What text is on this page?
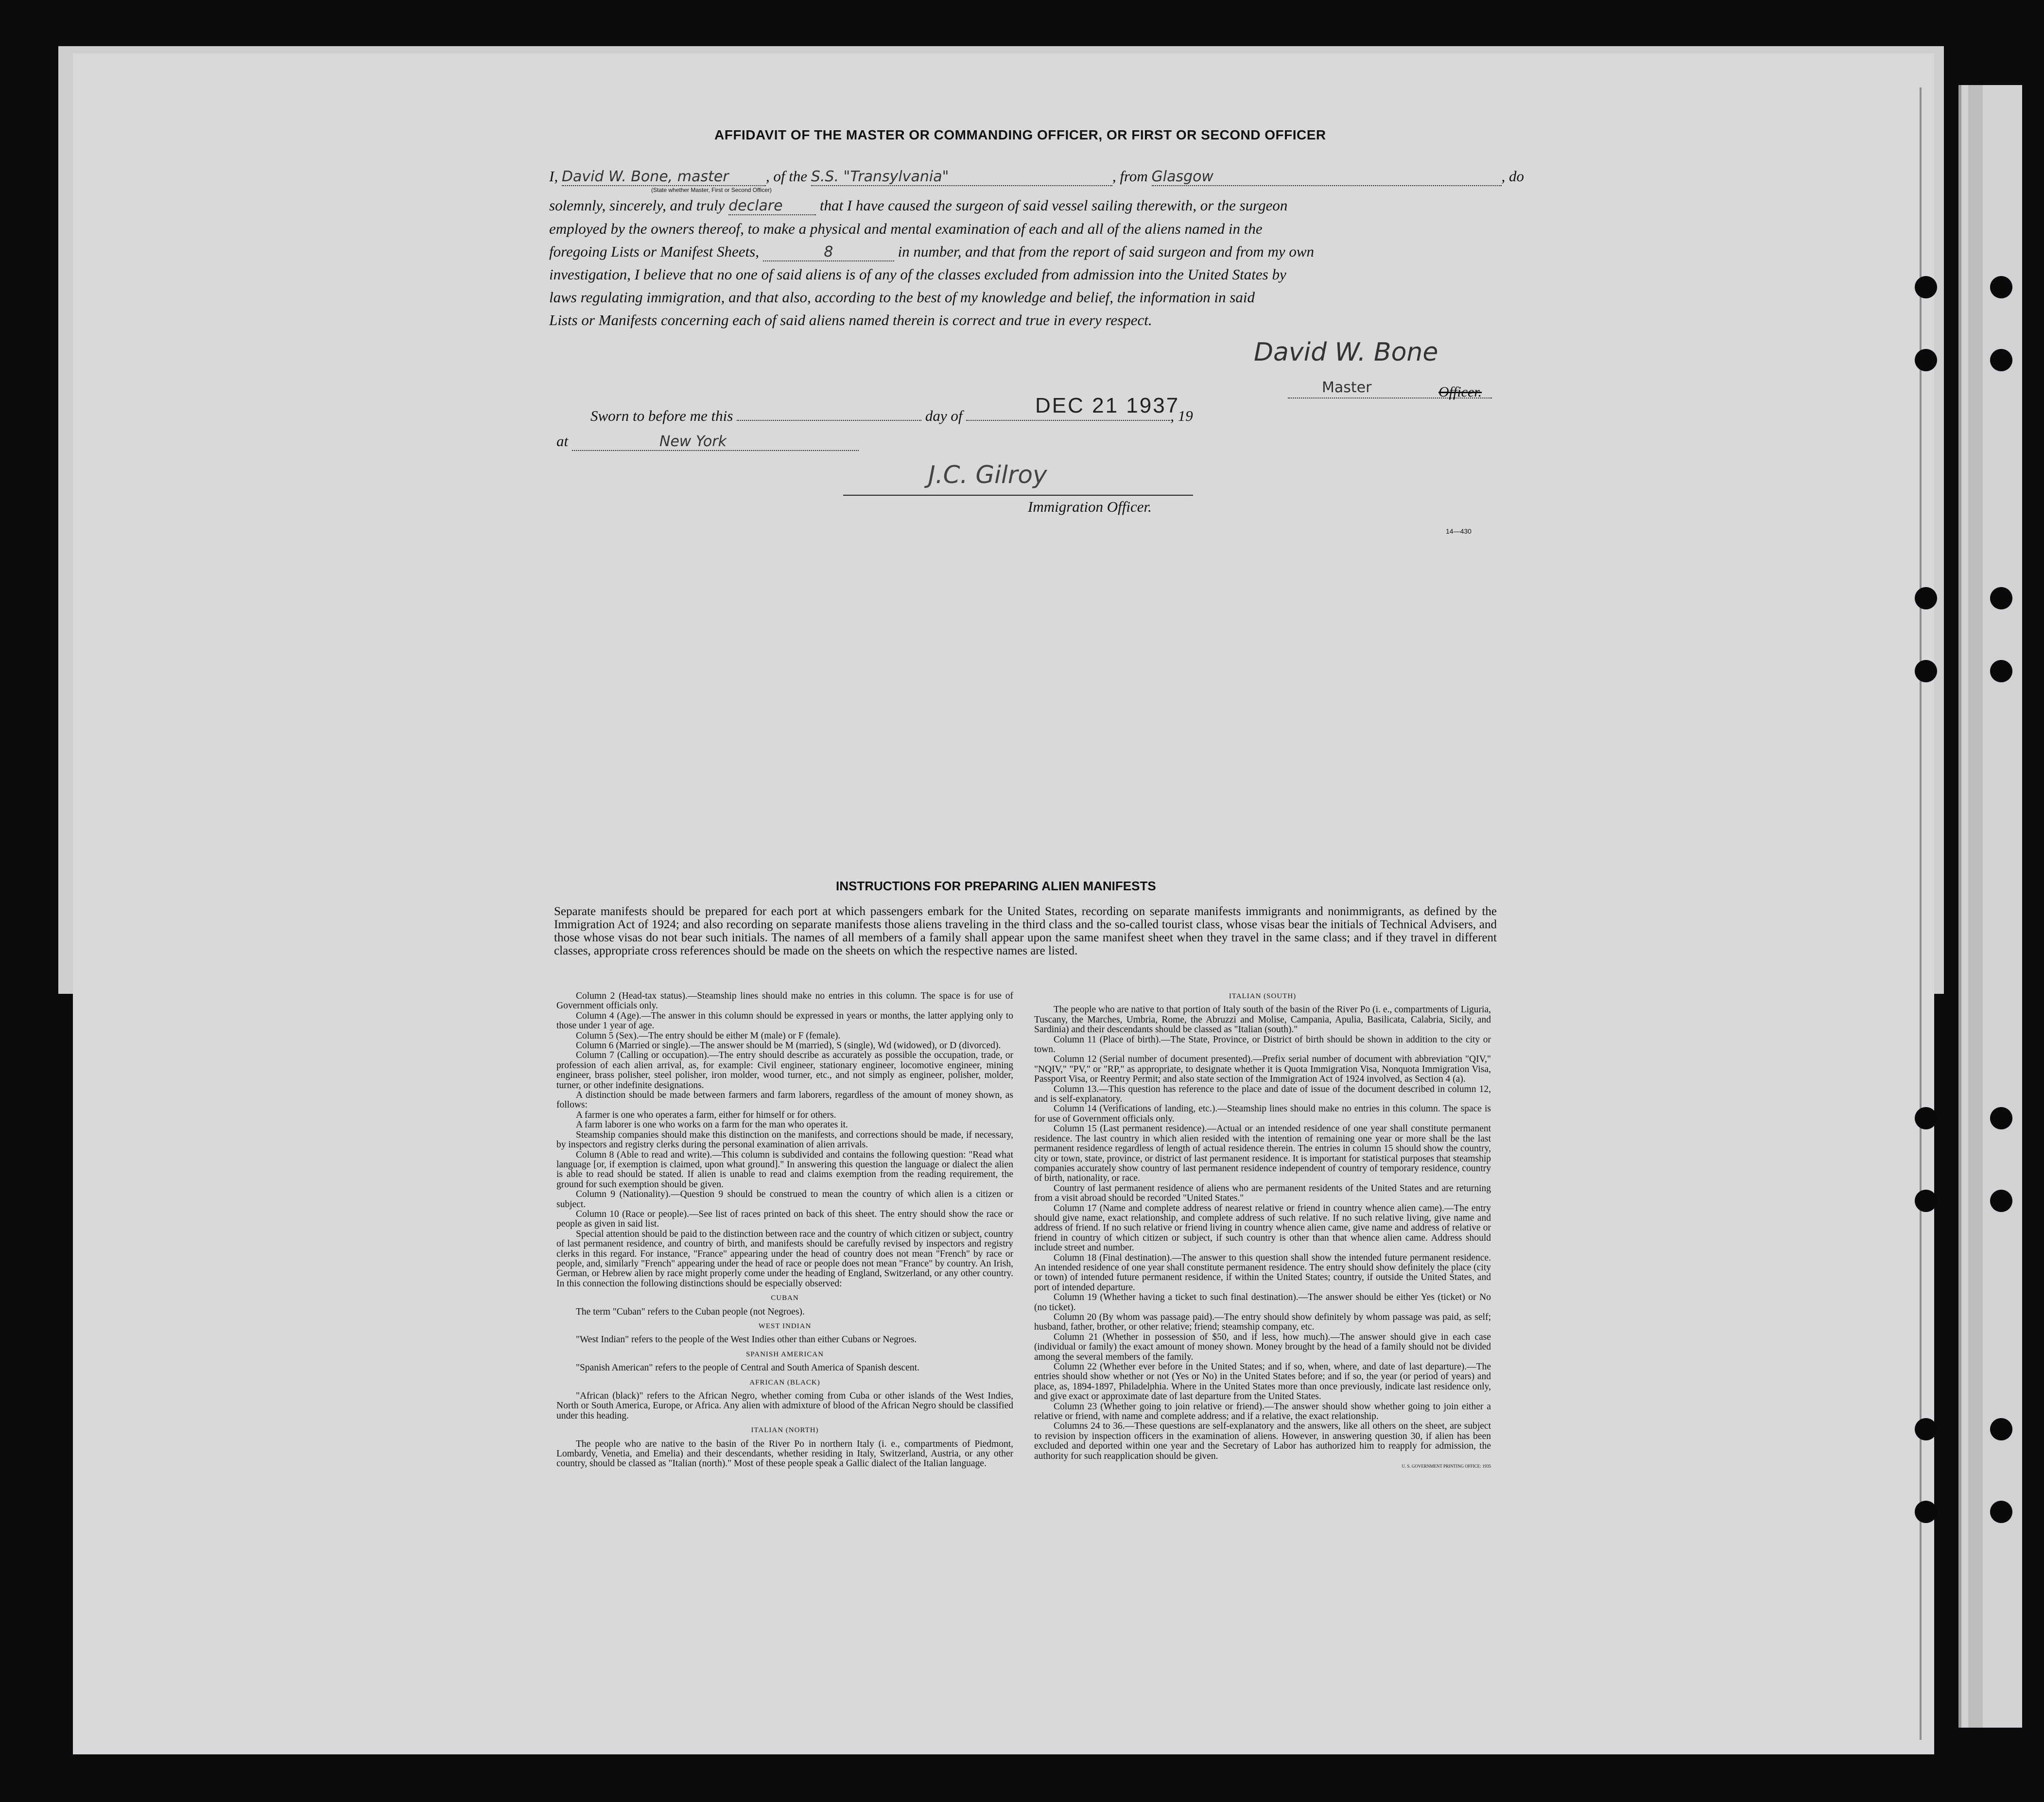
AFFIDAVIT OF THE MASTER OR COMMANDING OFFICER, OR FIRST OR SECOND OFFICER
I, David W. Bone, master , of the S.S. "Transylvania"	, from Glasgow	, do
(State whether Master, First or Second Officer)
solemnly, sincerely, and truly declare that I have caused the surgeon of said vessel sailing therewith, or the surgeon
employed by the owners thereof, to make a physical and mental examination of each and all of the aliens named in the
foregoing Lists or Manifest Sheets,	8	in number, and that from the report of said surgeon and from my own
investigation, I believe that no one of said aliens is of any of the classes excluded from admission into the United States by
laws regulating immigration, and that also, according to the best of my knowledge and belief, the information in said
Lists or Manifests concerning each of said aliens named therein is correct and true in every respect.
David W. Bone
Master	Officer.
Sworn to before me this	day of	, 19
DEC 21 1937
at	New York
J.C. Gilroy
Immigration Officer.
14—430
INSTRUCTIONS FOR PREPARING ALIEN MANIFESTS
Separate manifests should be prepared for each port at which passengers embark for the United States, recording on separate manifests immigrants and nonimmigrants, as defined by the Immigration Act of 1924; and also recording on separate manifests those aliens traveling in the third class and the so-called tourist class, whose visas bear the initials of Technical Advisers, and those whose visas do not bear such initials. The names of all members of a family shall appear upon the same manifest sheet when they travel in the same class; and if they travel in different classes, appropriate cross references should be made on the sheets on which the respective names are listed.

Column 2 (Head-tax status).—Steamship lines should make no entries in this column. The space is for use of Government officials only.

Column 4 (Age).—The answer in this column should be expressed in years or months, the latter applying only to those under 1 year of age.

Column 5 (Sex).—The entry should be either M (male) or F (female).

Column 6 (Married or single).—The answer should be M (married), S (single), Wd (widowed), or D (divorced).

Column 7 (Calling or occupation).—The entry should describe as accurately as possible the occupation, trade, or profession of each alien arrival, as, for example: Civil engineer, stationary engineer, locomotive engineer, mining engineer, brass polisher, steel polisher, iron molder, wood turner, etc., and not simply as engineer, polisher, molder, turner, or other indefinite designations.

A distinction should be made between farmers and farm laborers, regardless of the amount of money shown, as follows:

A farmer is one who operates a farm, either for himself or for others.

A farm laborer is one who works on a farm for the man who operates it.

Steamship companies should make this distinction on the manifests, and corrections should be made, if necessary, by inspectors and registry clerks during the personal examination of alien arrivals.

Column 8 (Able to read and write).—This column is subdivided and contains the following question: "Read what language [or, if exemption is claimed, upon what ground]." In answering this question the language or dialect the alien is able to read should be stated. If alien is unable to read and claims exemption from the reading requirement, the ground for such exemption should be given.

Column 9 (Nationality).—Question 9 should be construed to mean the country of which alien is a citizen or subject.

Column 10 (Race or people).—See list of races printed on back of this sheet. The entry should show the race or people as given in said list.

Special attention should be paid to the distinction between race and the country of which citizen or subject, country of last permanent residence, and country of birth, and manifests should be carefully revised by inspectors and registry clerks in this regard. For instance, "France" appearing under the head of country does not mean "French" by race or people, and, similarly "French" appearing under the head of race or people does not mean "France" by country. An Irish, German, or Hebrew alien by race might properly come under the heading of England, Switzerland, or any other country. In this connection the following distinctions should be especially observed:

CUBAN

The term "Cuban" refers to the Cuban people (not Negroes).

WEST INDIAN

"West Indian" refers to the people of the West Indies other than either Cubans or Negroes.

SPANISH AMERICAN

"Spanish American" refers to the people of Central and South America of Spanish descent.

AFRICAN (BLACK)

"African (black)" refers to the African Negro, whether coming from Cuba or other islands of the West Indies, North or South America, Europe, or Africa. Any alien with admixture of blood of the African Negro should be classified under this heading.

ITALIAN (NORTH)

The people who are native to the basin of the River Po in northern Italy (i. e., compartments of Piedmont, Lombardy, Venetia, and Emelia) and their descendants, whether residing in Italy, Switzerland, Austria, or any other country, should be classed as "Italian (north)." Most of these people speak a Gallic dialect of the Italian language.

ITALIAN (SOUTH)

The people who are native to that portion of Italy south of the basin of the River Po (i. e., compartments of Liguria, Tuscany, the Marches, Umbria, Rome, the Abruzzi and Molise, Campania, Apulia, Basilicata, Calabria, Sicily, and Sardinia) and their descendants should be classed as "Italian (south)."

Column 11 (Place of birth).—The State, Province, or District of birth should be shown in addition to the city or town.

Column 12 (Serial number of document presented).—Prefix serial number of document with abbreviation "QIV," "NQIV," "PV," or "RP," as appropriate, to designate whether it is Quota Immigration Visa, Nonquota Immigration Visa, Passport Visa, or Reentry Permit; and also state section of the Immigration Act of 1924 involved, as Section 4 (a).

Column 13.—This question has reference to the place and date of issue of the document described in column 12, and is self-explanatory.

Column 14 (Verifications of landing, etc.).—Steamship lines should make no entries in this column. The space is for use of Government officials only.

Column 15 (Last permanent residence).—Actual or an intended residence of one year shall constitute permanent residence. The last country in which alien resided with the intention of remaining one year or more shall be the last permanent residence regardless of length of actual residence therein. The entries in column 15 should show the country, city or town, state, province, or district of last permanent residence. It is important for statistical purposes that steamship companies accurately show country of last permanent residence independent of country of temporary residence, country of birth, nationality, or race.

Country of last permanent residence of aliens who are permanent residents of the United States and are returning from a visit abroad should be recorded "United States."

Column 17 (Name and complete address of nearest relative or friend in country whence alien came).—The entry should give name, exact relationship, and complete address of such relative. If no such relative living, give name and address of friend. If no such relative or friend living in country whence alien came, give name and address of relative or friend in country of which citizen or subject, if such country is other than that whence alien came. Address should include street and number.

Column 18 (Final destination).—The answer to this question shall show the intended future permanent residence. An intended residence of one year shall constitute permanent residence. The entry should show definitely the place (city or town) of intended future permanent residence, if within the United States; country, if outside the United States, and port of intended departure.

Column 19 (Whether having a ticket to such final destination).—The answer should be either Yes (ticket) or No (no ticket).

Column 20 (By whom was passage paid).—The entry should show definitely by whom passage was paid, as self; husband, father, brother, or other relative; friend; steamship company, etc.

Column 21 (Whether in possession of $50, and if less, how much).—The answer should give in each case (individual or family) the exact amount of money shown. Money brought by the head of a family should not be divided among the several members of the family.

Column 22 (Whether ever before in the United States; and if so, when, where, and date of last departure).—The entries should show whether or not (Yes or No) in the United States before; and if so, the year (or period of years) and place, as, 1894-1897, Philadelphia. Where in the United States more than once previously, indicate last residence only, and give exact or approximate date of last departure from the United States.

Column 23 (Whether going to join relative or friend).—The answer should show whether going to join either a relative or friend, with name and complete address; and if a relative, the exact relationship.

Columns 24 to 36.—These questions are self-explanatory and the answers, like all others on the sheet, are subject to revision by inspection officers in the examination of aliens. However, in answering question 30, if alien has been excluded and deported within one year and the Secretary of Labor has authorized him to reapply for admission, the authority for such reapplication should be given.

U. S. GOVERNMENT PRINTING OFFICE: 1935
